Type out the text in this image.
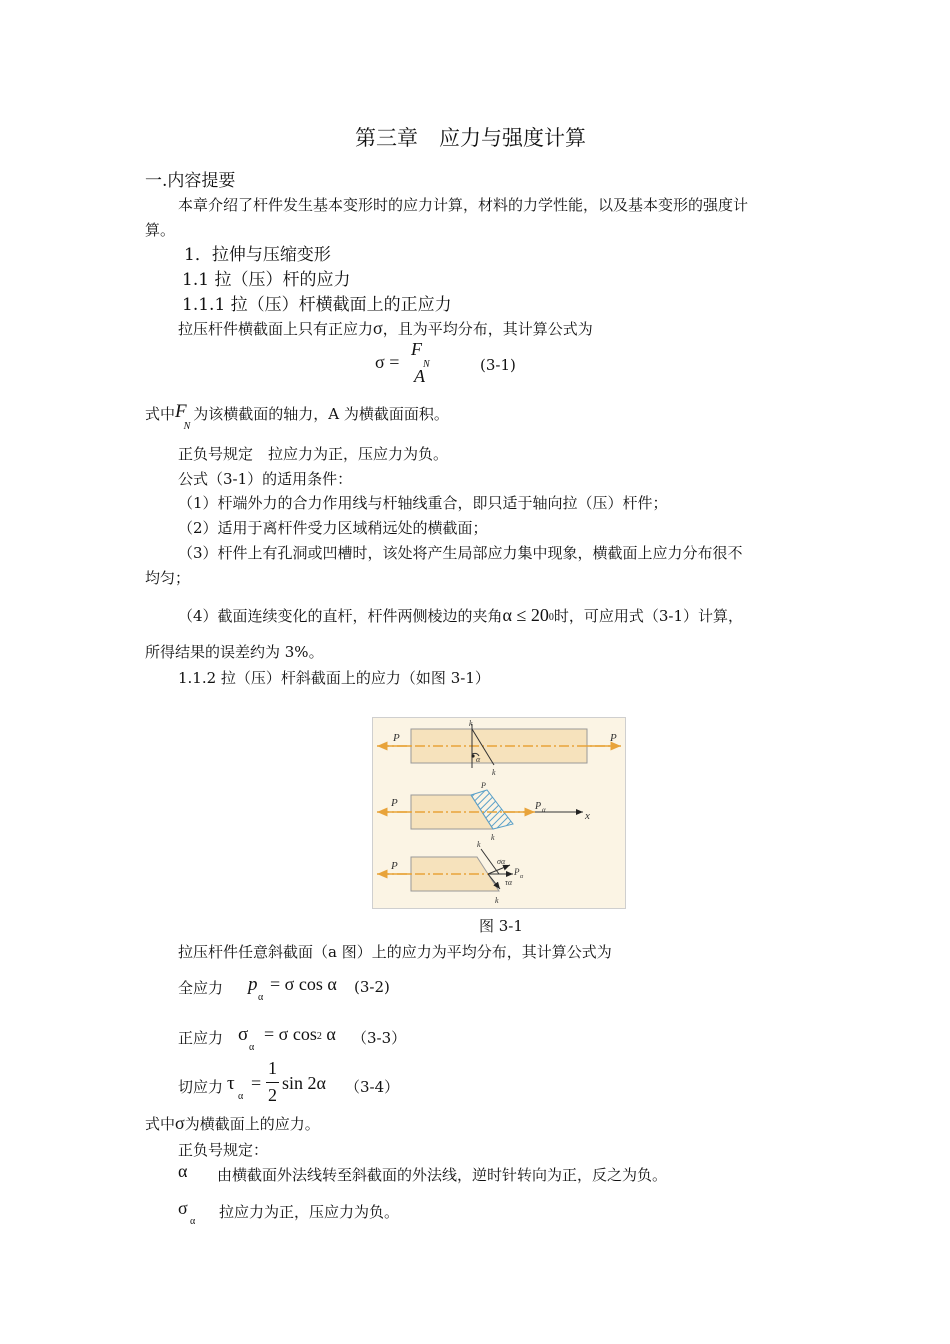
第三章　应力与强度计算
一.内容提要
本章介绍了杆件发生基本变形时的应力计算，材料的力学性能，以及基本变形的强度计
算。
1．拉伸与压缩变形
1.1 拉（压）杆的应力
1.1.1 拉（压）杆横截面上的正应力
拉压杆件横截面上只有正应力σ，且为平均分布，其计算公式为
σ =
F
N
A
(3-1)
式中$F_N$为该横截面的轴力，A 为横截面面积。
正负号规定　拉应力为正，压应力为负。
公式（3-1）的适用条件：
（1）杆端外力的合力作用线与杆轴线重合，即只适于轴向拉（压）杆件；
（2）适用于离杆件受力区域稍远处的横截面；
（3）杆件上有孔洞或凹槽时，该处将产生局部应力集中现象，横截面上应力分布很不
均匀；
（4）截面连续变化的直杆，杆件两侧棱边的夹角α ≤ 200时，可应用式（3-1）计算，
所得结果的误差约为 3%。
1.1.2 拉（压）杆斜截面上的应力（如图 3-1）
P	P
k
k
α
P
P
P α	x
k
P
k
σα
P α
τα
k
图 3-1
拉压杆件任意斜截面（a 图）上的应力为平均分布，其计算公式为
全应力 p
α
= σ cos α (3-2)
正应力 σ
α
= σ cos2 α （3-3）
切应力 τ
α
=
1
2
sin 2α （3-4）
式中σ为横截面上的应力。
正负号规定：
α 由横截面外法线转至斜截面的外法线，逆时针转向为正，反之为负。
σ
α
拉应力为正，压应力为负。
